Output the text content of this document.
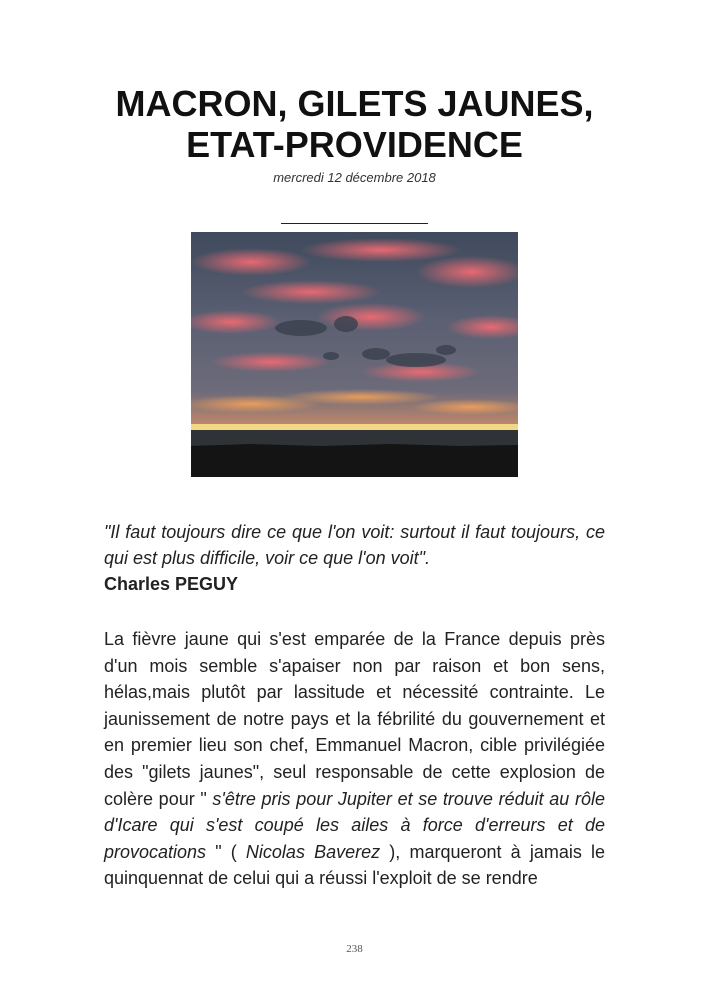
MACRON, GILETS JAUNES,
ETAT-PROVIDENCE
mercredi 12 décembre 2018

"Il faut toujours dire ce que l'on voit: surtout il faut toujours, ce qui est plus difficile, voir ce que l'on voit".

Charles PEGUY

La fièvre jaune qui s'est emparée de la France depuis près d'un mois semble s'apaiser non par raison et bon sens, hélas,mais plutôt par lassitude et nécessité contrainte. Le jaunissement de notre pays et la fébrilité du gouvernement et en premier lieu son chef, Emmanuel Macron, cible privilégiée des "gilets jaunes", seul responsable de cette explosion de colère pour " s'être pris pour Jupiter et se trouve réduit au rôle d'Icare qui s'est coupé les ailes à force d'erreurs et de provocations " ( Nicolas Baverez ), marqueront à jamais le quinquennat de celui qui a réussi l'exploit de se rendre

238
